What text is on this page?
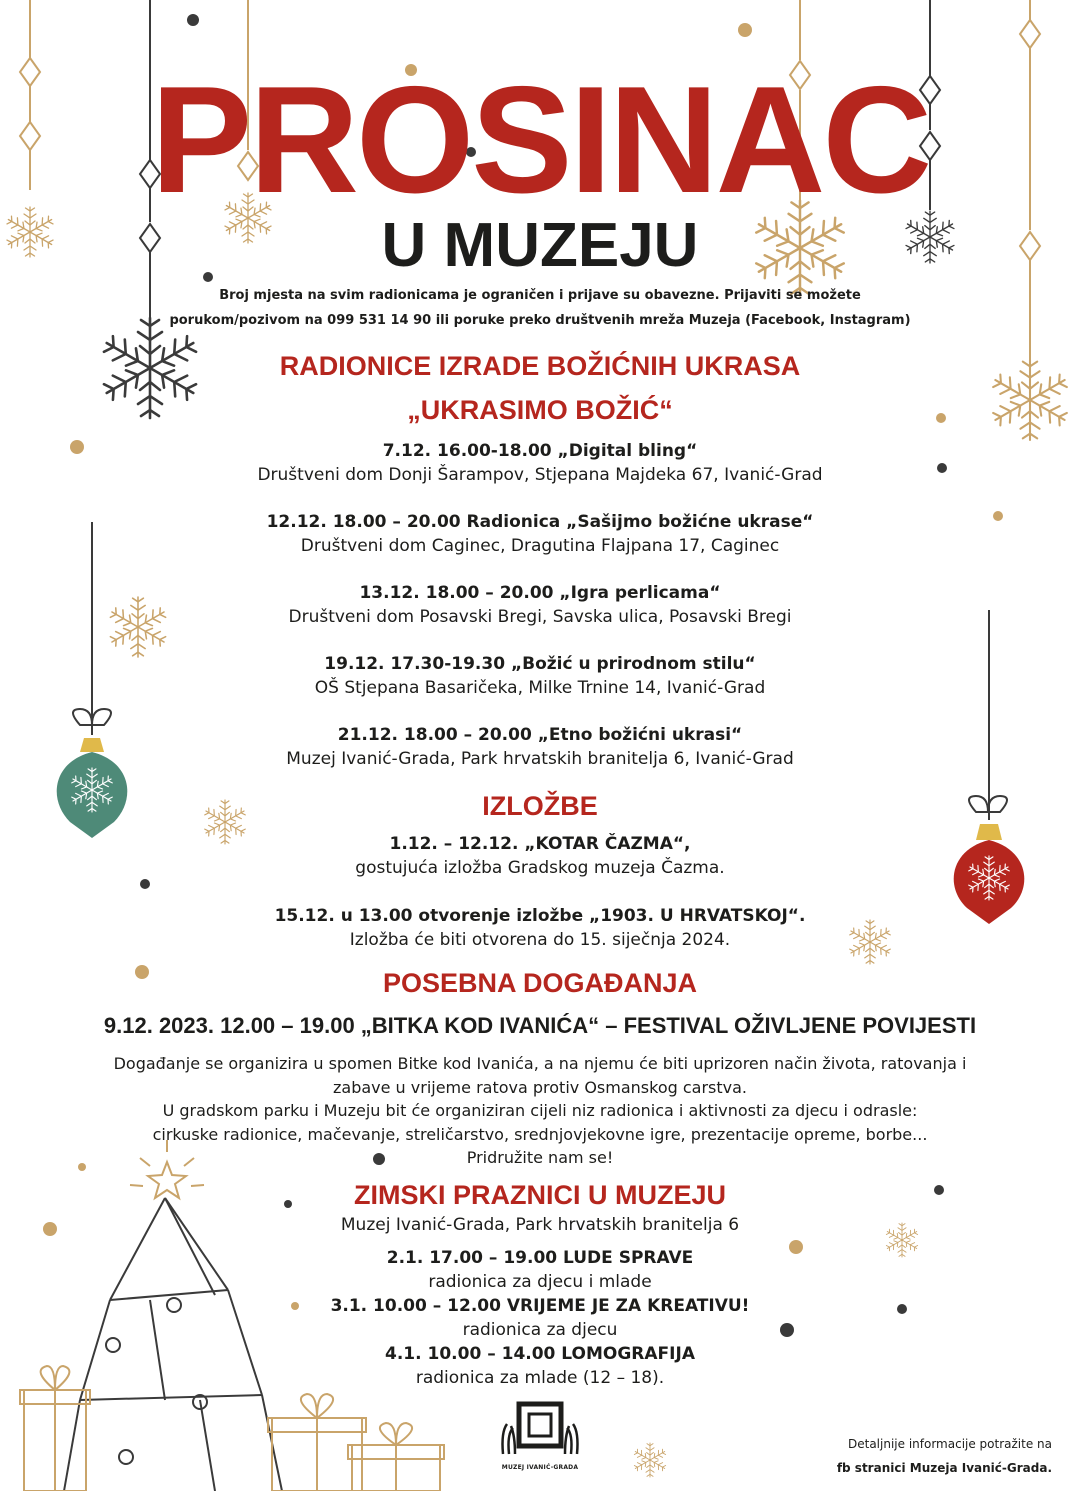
PROSINAC
U MUZEJU
Broj mjesta na svim radionicama je ograničen i prijave su obavezne. Prijaviti se možete
porukom/pozivom na 099 531 14 90 ili poruke preko društvenih mreža Muzeja (Facebook, Instagram)
RADIONICE IZRADE BOŽIĆNIH UKRASA
„UKRASIMO BOŽIĆ“
7.12. 16.00-18.00 „Digital bling“
Društveni dom Donji Šarampov, Stjepana Majdeka 67, Ivanić-Grad
12.12. 18.00 – 20.00 Radionica „Sašijmo božićne ukrase“
Društveni dom Caginec, Dragutina Flajpana 17, Caginec
13.12. 18.00 – 20.00 „Igra perlicama“
Društveni dom Posavski Bregi, Savska ulica, Posavski Bregi
19.12. 17.30-19.30 „Božić u prirodnom stilu“
OŠ Stjepana Basaričeka, Milke Trnine 14, Ivanić-Grad
21.12. 18.00 – 20.00 „Etno božićni ukrasi“
Muzej Ivanić-Grada, Park hrvatskih branitelja 6, Ivanić-Grad
IZLOŽBE
1.12. – 12.12. „KOTAR ČAZMA“,
gostujuća izložba Gradskog muzeja Čazma.
15.12. u 13.00 otvorenje izložbe „1903. U HRVATSKOJ“.
Izložba će biti otvorena do 15. siječnja 2024.
POSEBNA DOGAĐANJA
9.12. 2023. 12.00 – 19.00 „BITKA KOD IVANIĆA“ – FESTIVAL OŽIVLJENE POVIJESTI
Događanje se organizira u spomen Bitke kod Ivanića, a na njemu će biti uprizoren način života, ratovanja i
zabave u vrijeme ratova protiv Osmanskog carstva.
U gradskom parku i Muzeju bit će organiziran cijeli niz radionica i aktivnosti za djecu i odrasle:
cirkuske radionice, mačevanje, streličarstvo, srednjovjekovne igre, prezentacije opreme, borbe...
Pridružite nam se!
ZIMSKI PRAZNICI U MUZEJU
Muzej Ivanić-Grada, Park hrvatskih branitelja 6
2.1. 17.00 – 19.00 LUDE SPRAVE
radionica za djecu i mlade
3.1. 10.00 – 12.00 VRIJEME JE ZA KREATIVU!
radionica za djecu
4.1. 10.00 – 14.00 LOMOGRAFIJA
radionica za mlade (12 – 18).
MUZEJ IVANIĆ-GRADA
Detaljnije informacije potražite na
fb stranici Muzeja Ivanić-Grada.
